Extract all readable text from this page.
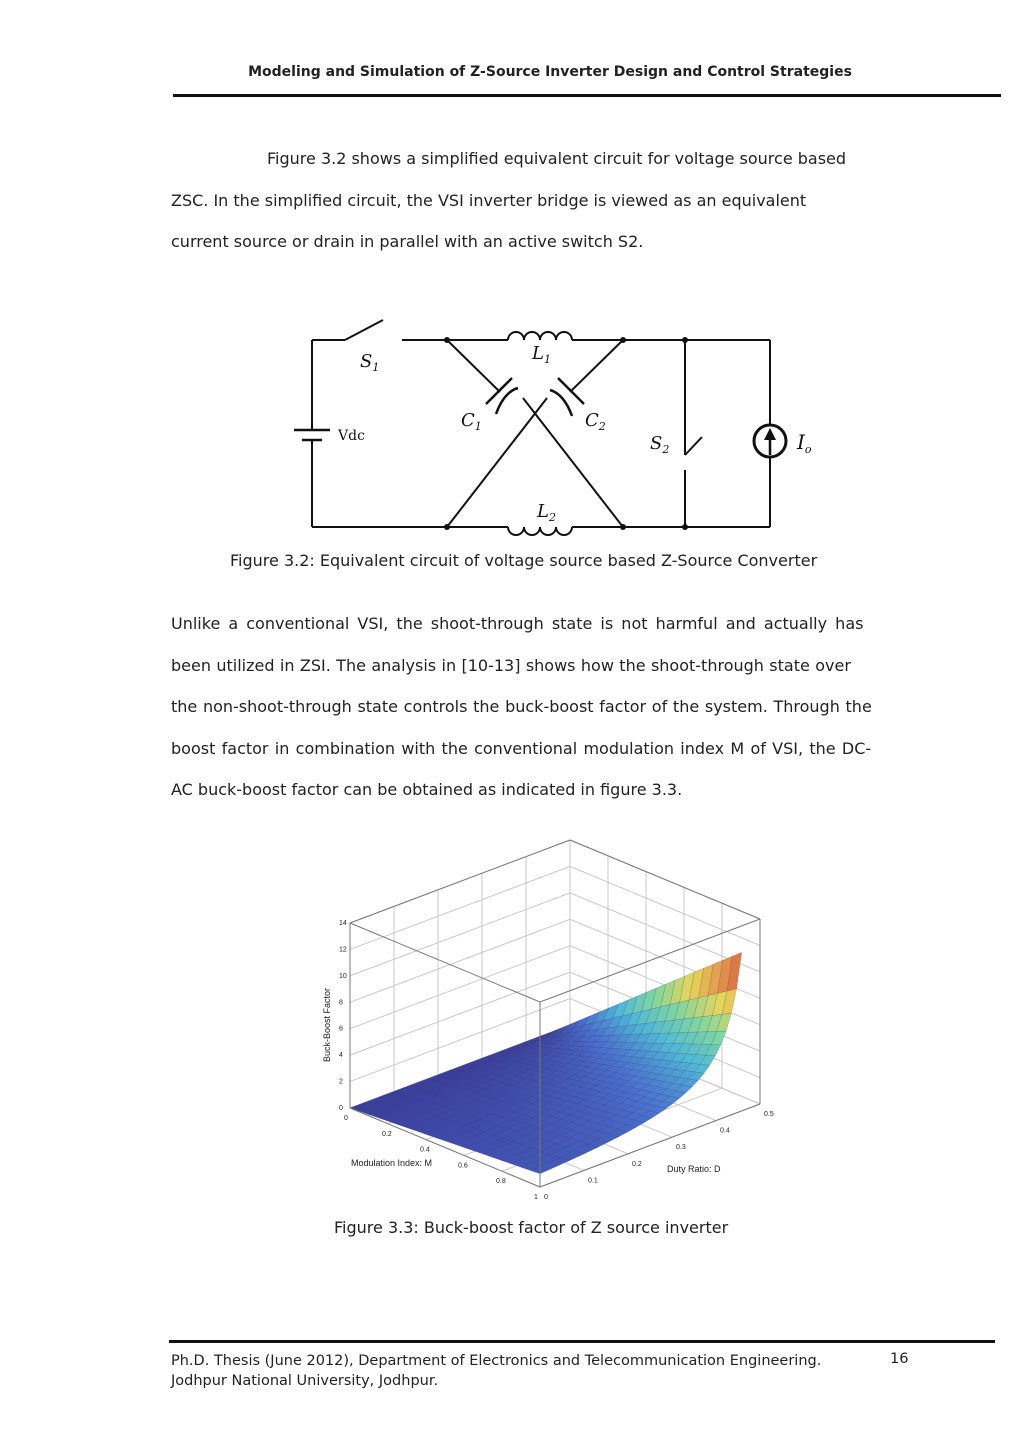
Modeling and Simulation of Z-Source Inverter Design and Control Strategies
Figure 3.2 shows a simplified equivalent circuit for voltage source based
ZSC. In the simplified circuit, the VSI inverter bridge is viewed as an equivalent
current source or drain in parallel with an active switch S2.
$S_1$
$L_1$
$C_1$	$C_2$
$S_2$	$I_o$
$L_2$
Vdc
Figure 3.2: Equivalent circuit of voltage source based Z-Source Converter
Unlike a conventional VSI, the shoot-through state is not harmful and actually has
been utilized in ZSI. The analysis in [10-13] shows how the shoot-through state over
the non-shoot-through state controls the buck-boost factor of the system. Through the
boost factor in combination with the conventional modulation index M of VSI, the DC-
AC buck-boost factor can be obtained as indicated in figure 3.3.
14
12
10
8
6
4
2
0
0
0.2
0.4
0.6
0.8
1 0
0.1
0.2
0.3
0.4
0.5
Buck-Boost Factor
Modulation Index: M
Duty Ratio: D
Figure 3.3: Buck-boost factor of Z source inverter
Ph.D. Thesis (June 2012), Department of Electronics and Telecommunication Engineering.
Jodhpur National University, Jodhpur.
16
